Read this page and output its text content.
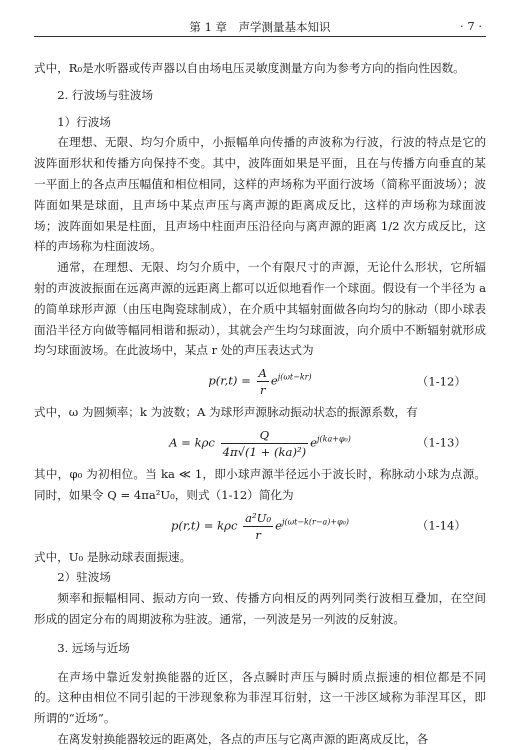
第 1 章　声学测量基本知识	· 7 ·

式中，R₀是水听器或传声器以自由场电压灵敏度测量方向为参考方向的指向性因数。

2. 行波场与驻波场

1）行波场

在理想、无限、均匀介质中，小振幅单向传播的声波称为行波，行波的特点是它的波阵面形状和传播方向保持不变。其中，波阵面如果是平面，且在与传播方向垂直的某一平面上的各点声压幅值和相位相同，这样的声场称为平面行波场（简称平面波场）；波阵面如果是球面，且声场中某点声压与离声源的距离成反比，这样的声场称为球面波场；波阵面如果是柱面，且声场中柱面声压沿径向与离声源的距离 1/2 次方成反比，这样的声场称为柱面波场。

通常，在理想、无限、均匀介质中，一个有限尺寸的声源，无论什么形状，它所辐射的声波波振面在远离声源的远距离上都可以近似地看作一个球面。假设有一个半径为 a 的简单球形声源（由压电陶瓷球制成），在介质中其辐射面做各向均匀的脉动（即小球表面沿半径方向做等幅同相谐和振动），其就会产生均匀球面波，向介质中不断辐射就形成均匀球面波场。在此波场中，某点 r 处的声压表达式为

$p(r,t) = \frac{A}{r} e^{j(\omega t-kr)}$	（1-12）

式中，ω 为圆频率；k 为波数；A 为球形声源脉动振动状态的振源系数，有

A = kρc $\frac{Q}{\text{4π√(1 + (ka)²)}} e^{j(ka+\varphi_0)}$	（1-13）

其中，φ₀ 为初相位。当 ka ≪ 1，即小球声源半径远小于波长时，称脉动小球为点源。同时，如果令 Q = 4πa²U₀，则式（1-12）简化为

p(r,t) = kρc $\frac{\text{a²U₀}}{r} e^{j(\omega t-k(r-a)+\varphi_0)}$	（1-14）

式中，U₀ 是脉动球表面振速。

2）驻波场

频率和振幅相同、振动方向一致、传播方向相反的两列同类行波相互叠加，在空间形成的固定分布的周期波称为驻波。通常，一列波是另一列波的反射波。

3. 远场与近场

在声场中靠近发射换能器的近区，各点瞬时声压与瞬时质点振速的相位都是不同的。这种由相位不同引起的干涉现象称为菲涅耳衍射，这一干涉区域称为菲涅耳区，即所谓的“近场”。

在离发射换能器较远的距离处，各点的声压与它离声源的距离成反比，各
